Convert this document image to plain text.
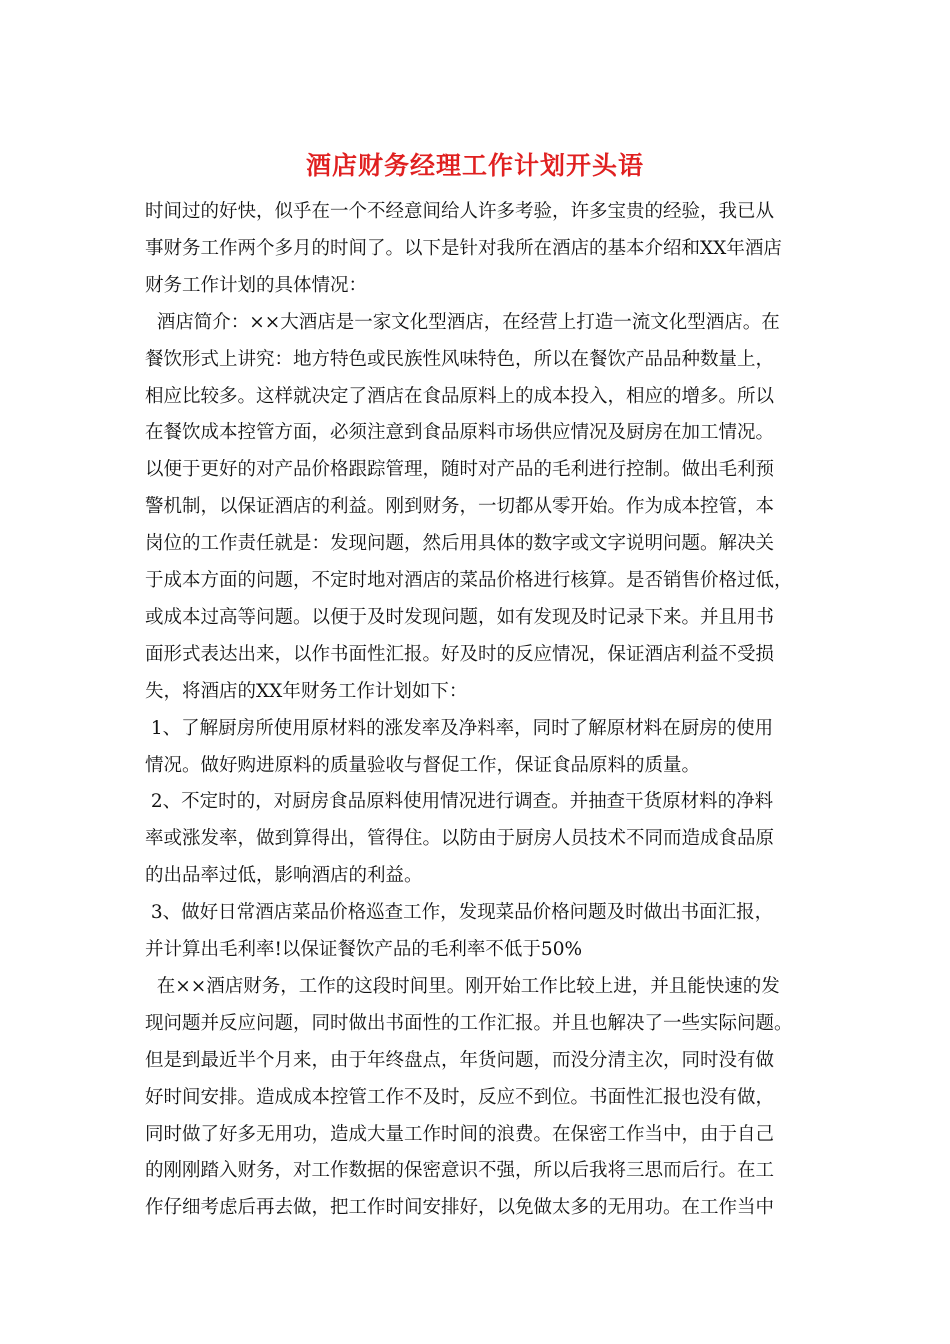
酒店财务经理工作计划开头语
时间过的好快，似乎在一个不经意间给人许多考验，许多宝贵的经验，我已从
事财务工作两个多月的时间了。以下是针对我所在酒店的基本介绍和XX年酒店
财务工作计划的具体情况：
酒店简介：××大酒店是一家文化型酒店，在经营上打造一流文化型酒店。在
餐饮形式上讲究：地方特色或民族性风味特色，所以在餐饮产品品种数量上，
相应比较多。这样就决定了酒店在食品原料上的成本投入，相应的增多。所以
在餐饮成本控管方面，必须注意到食品原料市场供应情况及厨房在加工情况。
以便于更好的对产品价格跟踪管理，随时对产品的毛利进行控制。做出毛利预
警机制，以保证酒店的利益。刚到财务，一切都从零开始。作为成本控管，本
岗位的工作责任就是：发现问题，然后用具体的数字或文字说明问题。解决关
于成本方面的问题，不定时地对酒店的菜品价格进行核算。是否销售价格过低，
或成本过高等问题。以便于及时发现问题，如有发现及时记录下来。并且用书
面形式表达出来，以作书面性汇报。好及时的反应情况，保证酒店利益不受损
失，将酒店的XX年财务工作计划如下：
1、了解厨房所使用原材料的涨发率及净料率，同时了解原材料在厨房的使用
情况。做好购进原料的质量验收与督促工作，保证食品原料的质量。
2、不定时的，对厨房食品原料使用情况进行调查。并抽查干货原材料的净料
率或涨发率，做到算得出，管得住。以防由于厨房人员技术不同而造成食品原
的出品率过低，影响酒店的利益。
3、做好日常酒店菜品价格巡查工作，发现菜品价格问题及时做出书面汇报，
并计算出毛利率!以保证餐饮产品的毛利率不低于50%
在××酒店财务，工作的这段时间里。刚开始工作比较上进，并且能快速的发
现问题并反应问题，同时做出书面性的工作汇报。并且也解决了一些实际问题。
但是到最近半个月来，由于年终盘点，年货问题，而没分清主次，同时没有做
好时间安排。造成成本控管工作不及时，反应不到位。书面性汇报也没有做，
同时做了好多无用功，造成大量工作时间的浪费。在保密工作当中，由于自己
的刚刚踏入财务，对工作数据的保密意识不强，所以后我将三思而后行。在工
作仔细考虑后再去做，把工作时间安排好，以免做太多的无用功。在工作当中
